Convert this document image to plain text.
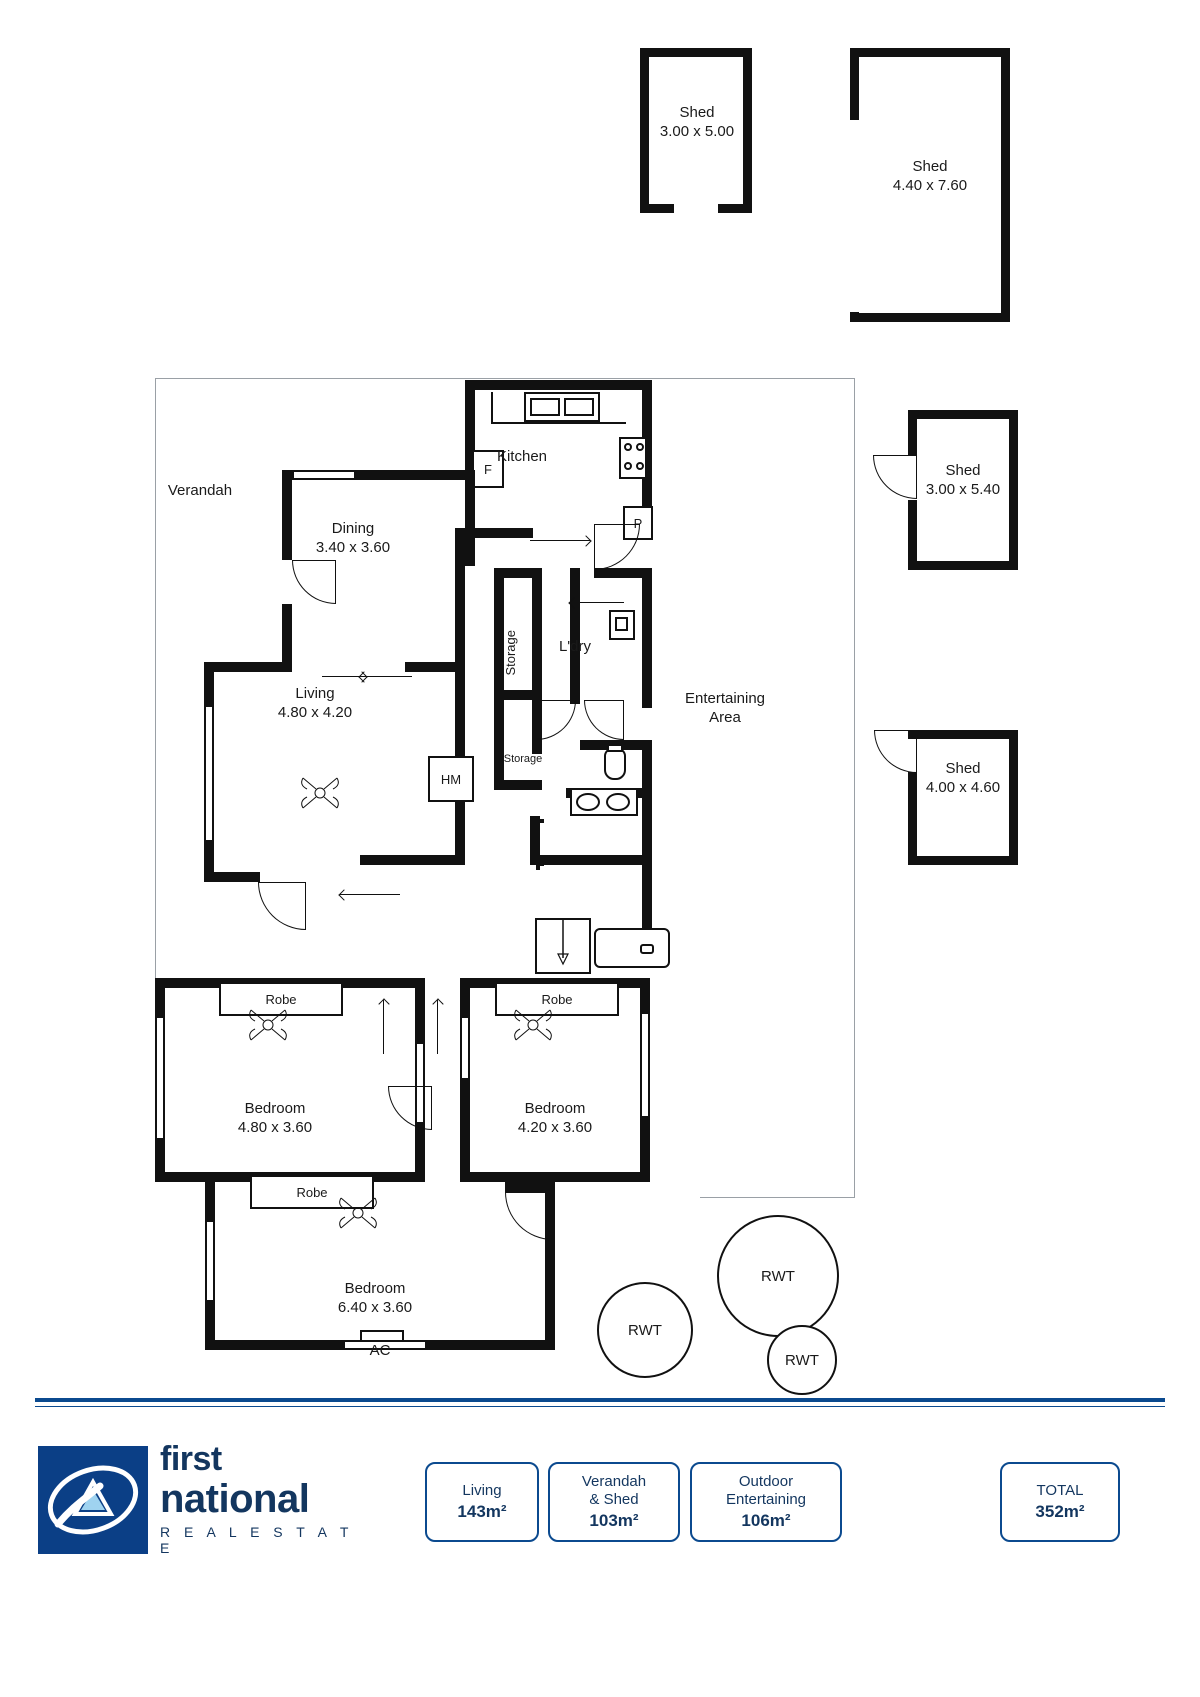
Shed
3.00 x 5.00
Shed
4.40 x 7.60
Shed
3.00 x 5.40
Shed
4.00 x 4.60
F
P
Robe
Robe
Robe
HM
Kitchen
Verandah
Dining
3.40 x 3.60
Living
4.80 x 4.20
L'dry
Storage
Storage
Entertaining
Area
Bedroom
4.80 x 3.60
Bedroom
4.20 x 3.60
Bedroom
6.40 x 3.60
AC
RWT
RWT
RWT
first
national
R E A L E S T A T E
Living
143m²
Verandah
& Shed
103m²
Outdoor
Entertaining
106m²
TOTAL
352m²
